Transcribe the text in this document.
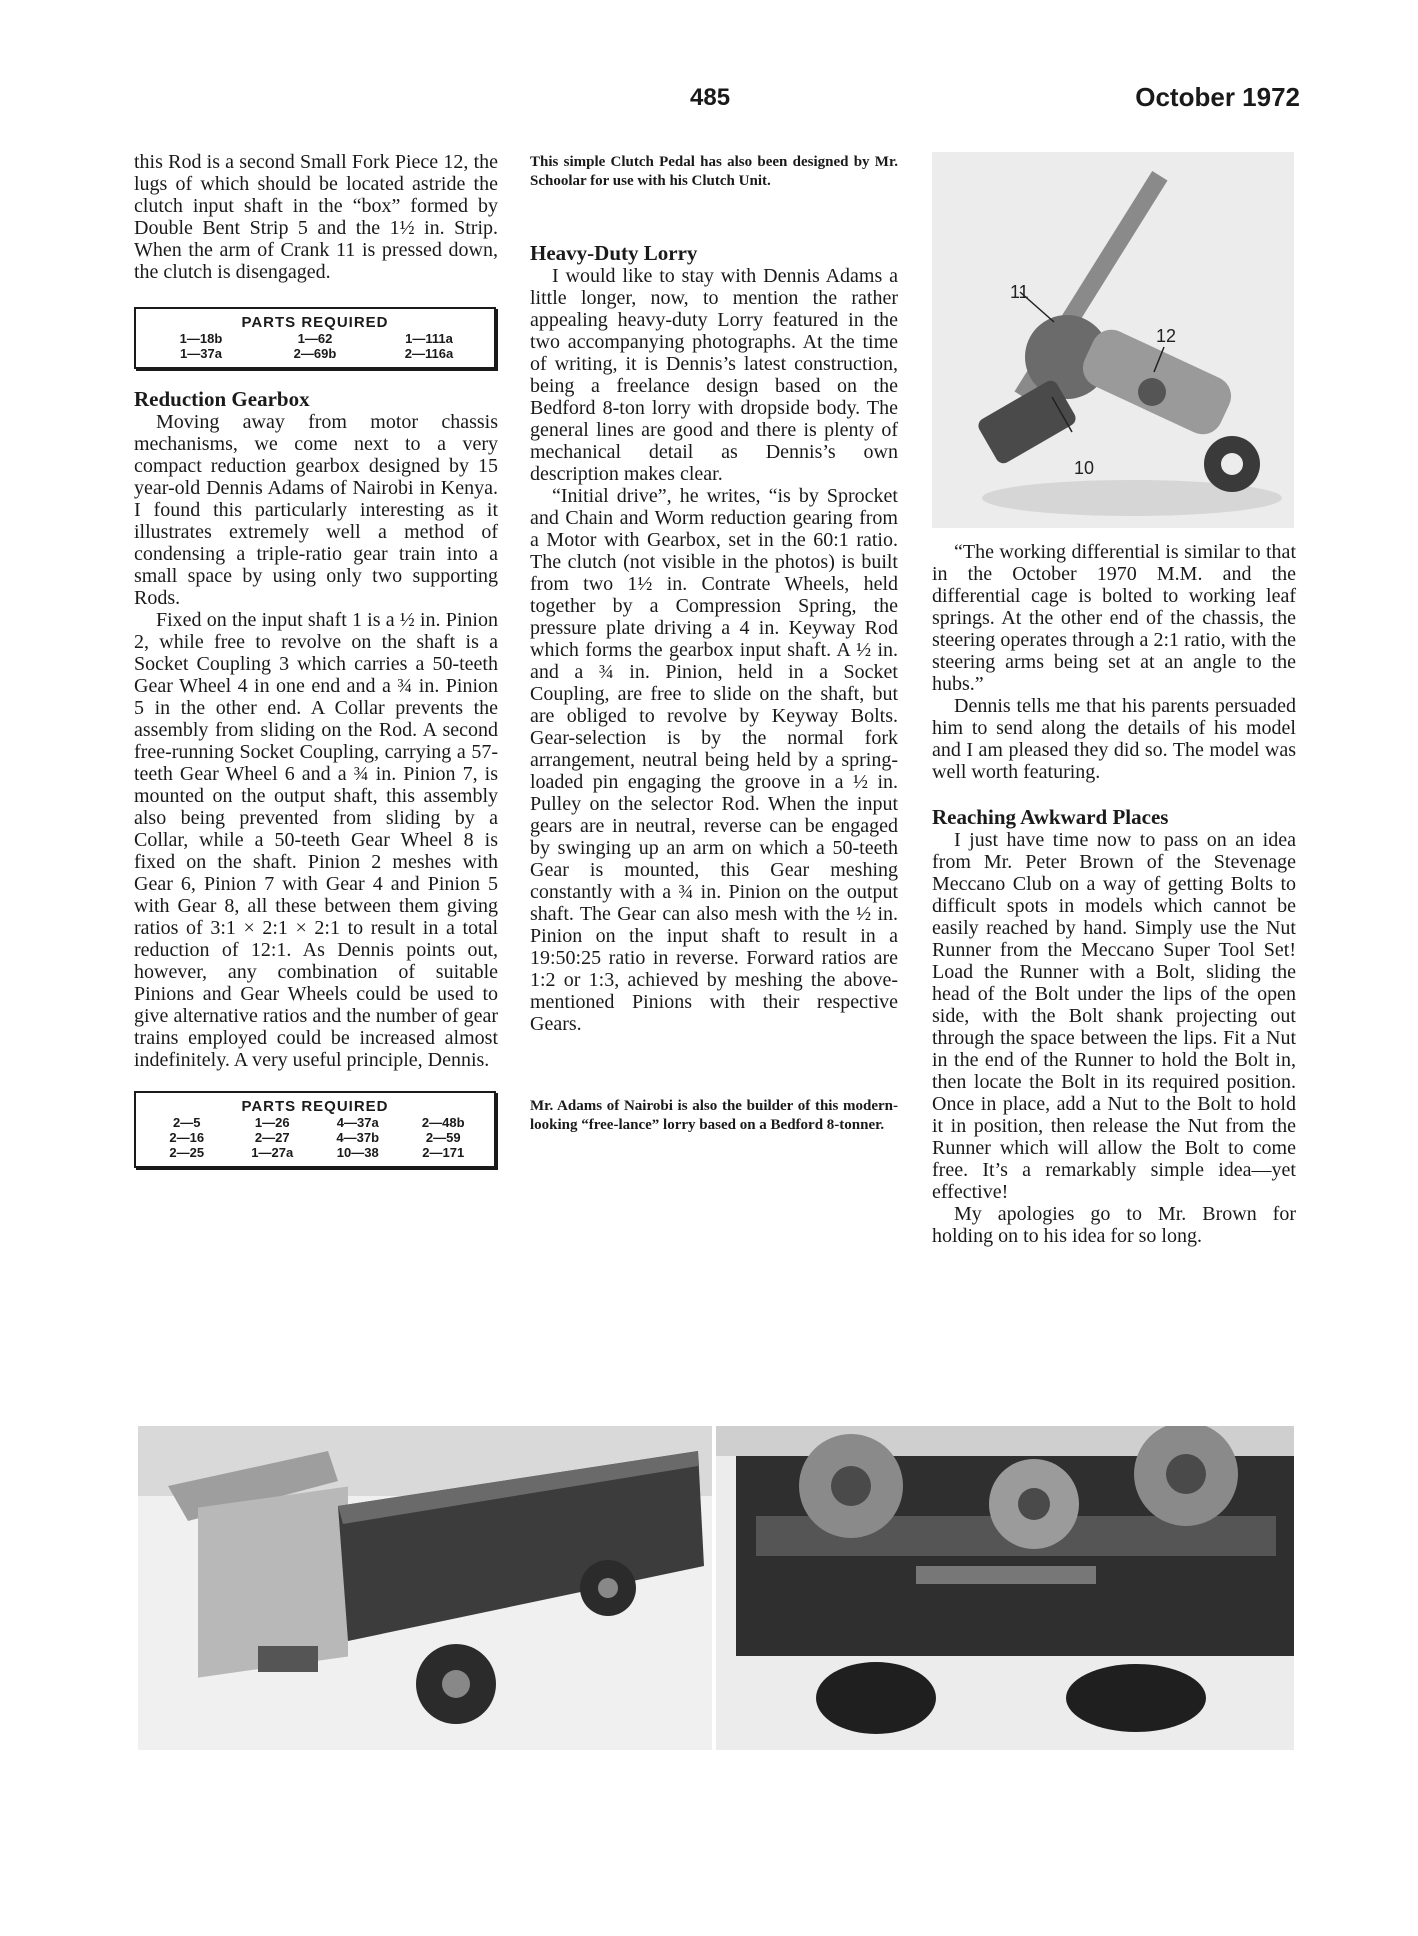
485	October 1972

this Rod is a second Small Fork Piece 12, the lugs of which should be located astride the clutch input shaft in the “box” formed by Double Bent Strip 5 and the 1½ in. Strip. When the arm of Crank 11 is pressed down, the clutch is disengaged.

PARTS REQUIRED
1—18b	1—62	1—111a
1—37a	2—69b	2—116a
Reduction Gearbox

Moving away from motor chassis mechanisms, we come next to a very compact reduction gearbox designed by 15 year-old Dennis Adams of Nairobi in Kenya. I found this particularly interesting as it illustrates extremely well a method of condensing a triple-ratio gear train into a small space by using only two supporting Rods.

Fixed on the input shaft 1 is a ½ in. Pinion 2, while free to revolve on the shaft is a Socket Coupling 3 which carries a 50-teeth Gear Wheel 4 in one end and a ¾ in. Pinion 5 in the other end. A Collar prevents the assembly from sliding on the Rod. A second free-running Socket Coupling, carrying a 57-teeth Gear Wheel 6 and a ¾ in. Pinion 7, is mounted on the output shaft, this assembly also being prevented from sliding by a Collar, while a 50-teeth Gear Wheel 8 is fixed on the shaft. Pinion 2 meshes with Gear 6, Pinion 7 with Gear 4 and Pinion 5 with Gear 8, all these between them giving ratios of 3:1 × 2:1 × 2:1 to result in a total reduction of 12:1. As Dennis points out, however, any combination of suitable Pinions and Gear Wheels could be used to give alternative ratios and the number of gear trains employed could be increased almost indefinitely. A very useful principle, Dennis.

PARTS REQUIRED
2—5	1—26	4—37a	2—48b
2—16	2—27	4—37b	2—59
2—25	1—27a	10—38	2—171

This simple Clutch Pedal has also been designed by Mr. Schoolar for use with his Clutch Unit.

Heavy-Duty Lorry

I would like to stay with Dennis Adams a little longer, now, to mention the rather appealing heavy-duty Lorry featured in the two accompanying photographs. At the time of writing, it is Dennis’s latest construction, being a freelance design based on the Bedford 8-ton lorry with dropside body. The general lines are good and there is plenty of mechanical detail as Dennis’s own description makes clear.

“Initial drive”, he writes, “is by Sprocket and Chain and Worm reduction gearing from a Motor with Gearbox, set in the 60:1 ratio. The clutch (not visible in the photos) is built from two 1½ in. Contrate Wheels, held together by a Compression Spring, the pressure plate driving a 4 in. Keyway Rod which forms the gearbox input shaft. A ½ in. and a ¾ in. Pinion, held in a Socket Coupling, are free to slide on the shaft, but are obliged to revolve by Keyway Bolts. Gear-selection is by the normal fork arrangement, neutral being held by a spring-loaded pin engaging the groove in a ½ in. Pulley on the selector Rod. When the input gears are in neutral, reverse can be engaged by swinging up an arm on which a 50-teeth Gear is mounted, this Gear meshing constantly with a ¾ in. Pinion on the output shaft. The Gear can also mesh with the ½ in. Pinion on the input shaft to result in a 19:50:25 ratio in reverse. Forward ratios are 1:2 or 1:3, achieved by meshing the above-mentioned Pinions with their respective Gears.

Mr. Adams of Nairobi is also the builder of this modern-looking “free-lance” lorry based on a Bedford 8-tonner.

11
12
10

“The working differential is similar to that in the October 1970 M.M. and the differential cage is bolted to working leaf springs. At the other end of the chassis, the steering operates through a 2:1 ratio, with the steering arms being set at an angle to the hubs.”

Dennis tells me that his parents persuaded him to send along the details of his model and I am pleased they did so. The model was well worth featuring.

Reaching Awkward Places

I just have time now to pass on an idea from Mr. Peter Brown of the Stevenage Meccano Club on a way of getting Bolts to difficult spots in models which cannot be easily reached by hand. Simply use the Nut Runner from the Meccano Super Tool Set! Load the Runner with a Bolt, sliding the head of the Bolt under the lips of the open side, with the Bolt shank projecting out through the space between the lips. Fit a Nut in the end of the Runner to hold the Bolt in, then locate the Bolt in its required position. Once in place, add a Nut to the Bolt to hold it in position, then release the Nut from the Runner which will allow the Bolt to come free. It’s a remarkably simple idea—yet effective!

My apologies go to Mr. Brown for holding on to his idea for so long.
